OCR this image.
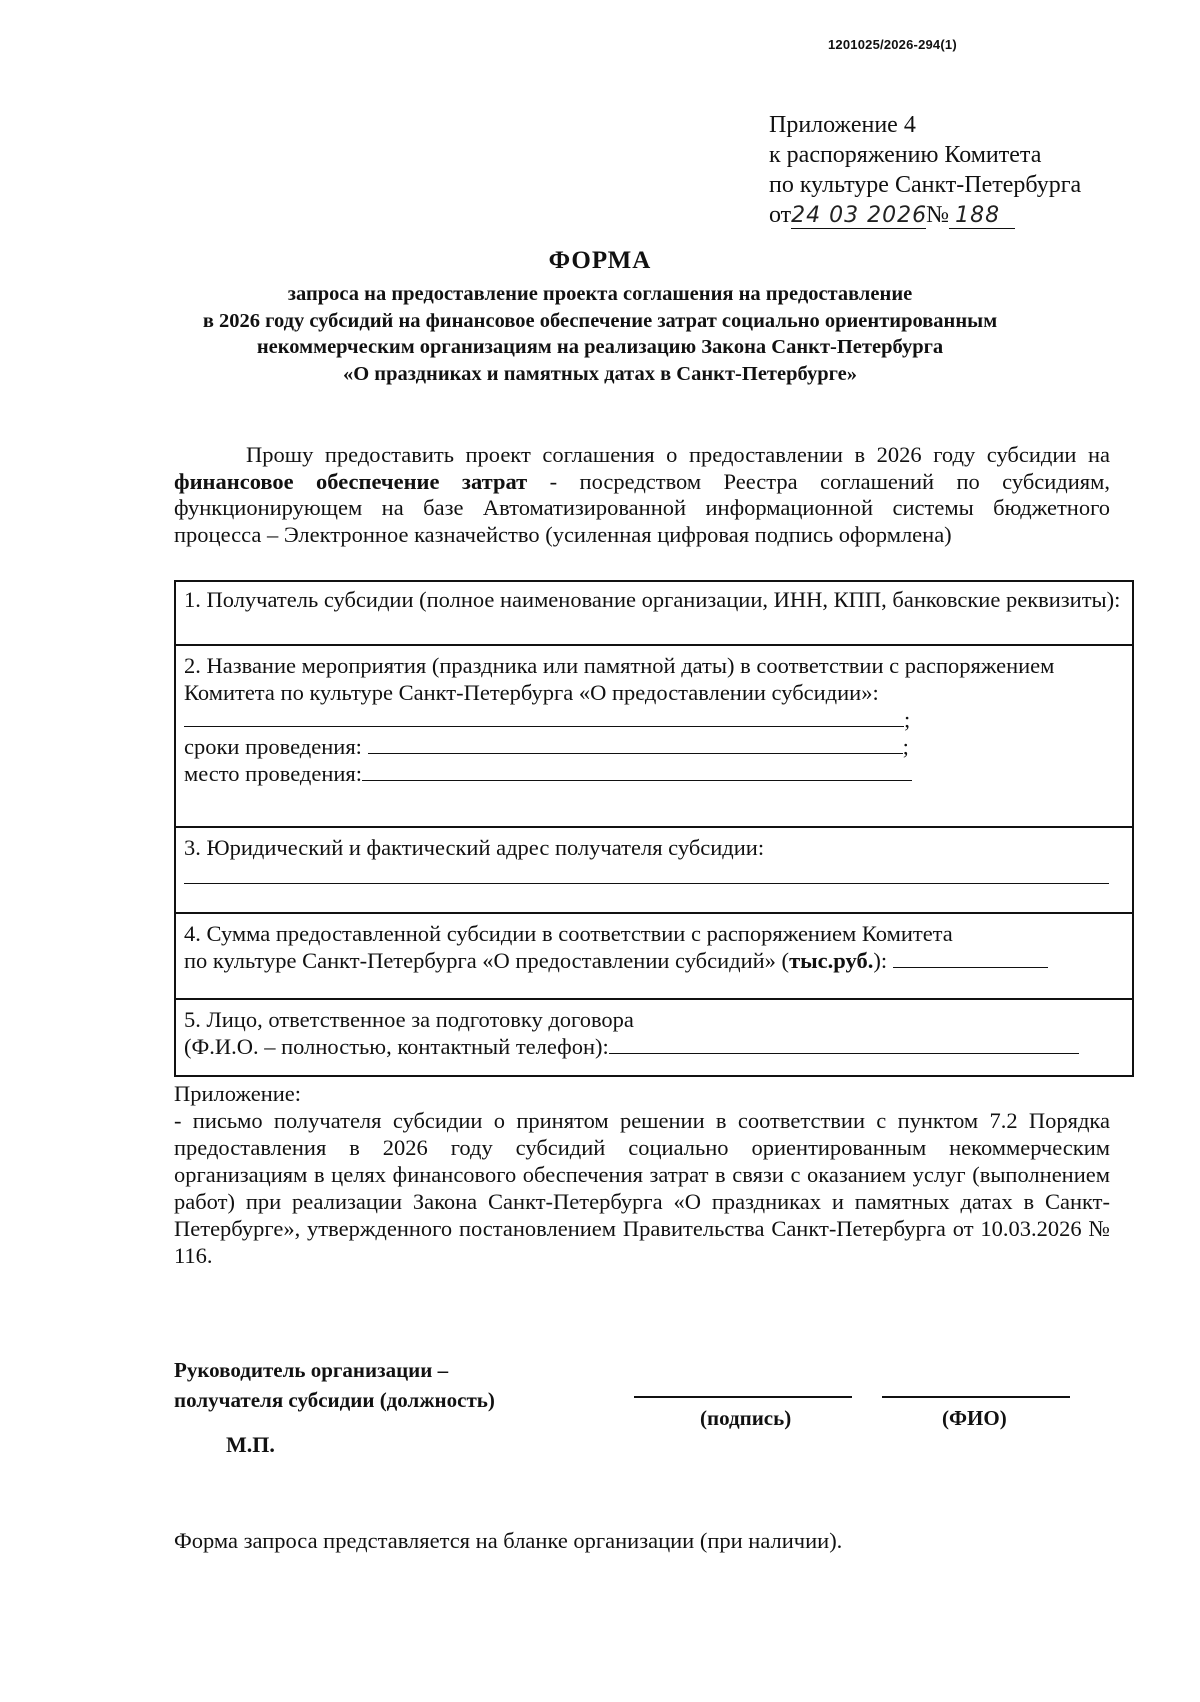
1201025/2026-294(1)
Приложение 4
к распоряжению Комитета
по культуре Санкт-Петербурга
от24 03 2026№ 188
ФОРМА
запроса на предоставление проекта соглашения на предоставление
в 2026 году субсидий на финансовое обеспечение затрат социально ориентированным
некоммерческим организациям на реализацию Закона Санкт-Петербурга
«О праздниках и памятных датах в Санкт-Петербурге»

Прошу предоставить проект соглашения о предоставлении в 2026 году субсидии на финансовое обеспечение затрат - посредством Реестра соглашений по субсидиям, функционирующем на базе Автоматизированной информационной системы бюджетного процесса – Электронное казначейство (усиленная цифровая подпись оформлена)

1. Получатель субсидии (полное наименование организации, ИНН, КПП, банковские реквизиты):
2. Название мероприятия (праздника или памятной даты) в соответствии с распоряжением Комитета по культуре Санкт-Петербурга «О предоставлении субсидии»:
;
сроки проведения:	;
место проведения:
3. Юридический и фактический адрес получателя субсидии:
4. Сумма предоставленной субсидии в соответствии с распоряжением Комитета
по культуре Санкт-Петербурга «О предоставлении субсидий» (тыс.руб.):
5. Лицо, ответственное за подготовку договора
(Ф.И.О. – полностью, контактный телефон):

Приложение:

- письмо получателя субсидии о принятом решении в соответствии с пунктом 7.2 Порядка предоставления в 2026 году субсидий социально ориентированным некоммерческим организациям в целях финансового обеспечения затрат в связи с оказанием услуг (выполнением работ) при реализации Закона Санкт-Петербурга «О праздниках и памятных датах в Санкт-Петербурге», утвержденного постановлением Правительства Санкт-Петербурга от 10.03.2026 № 116.

Руководитель организации –
получателя субсидии (должность)
(подпись)	(ФИО)
М.П.
Форма запроса представляется на бланке организации (при наличии).
